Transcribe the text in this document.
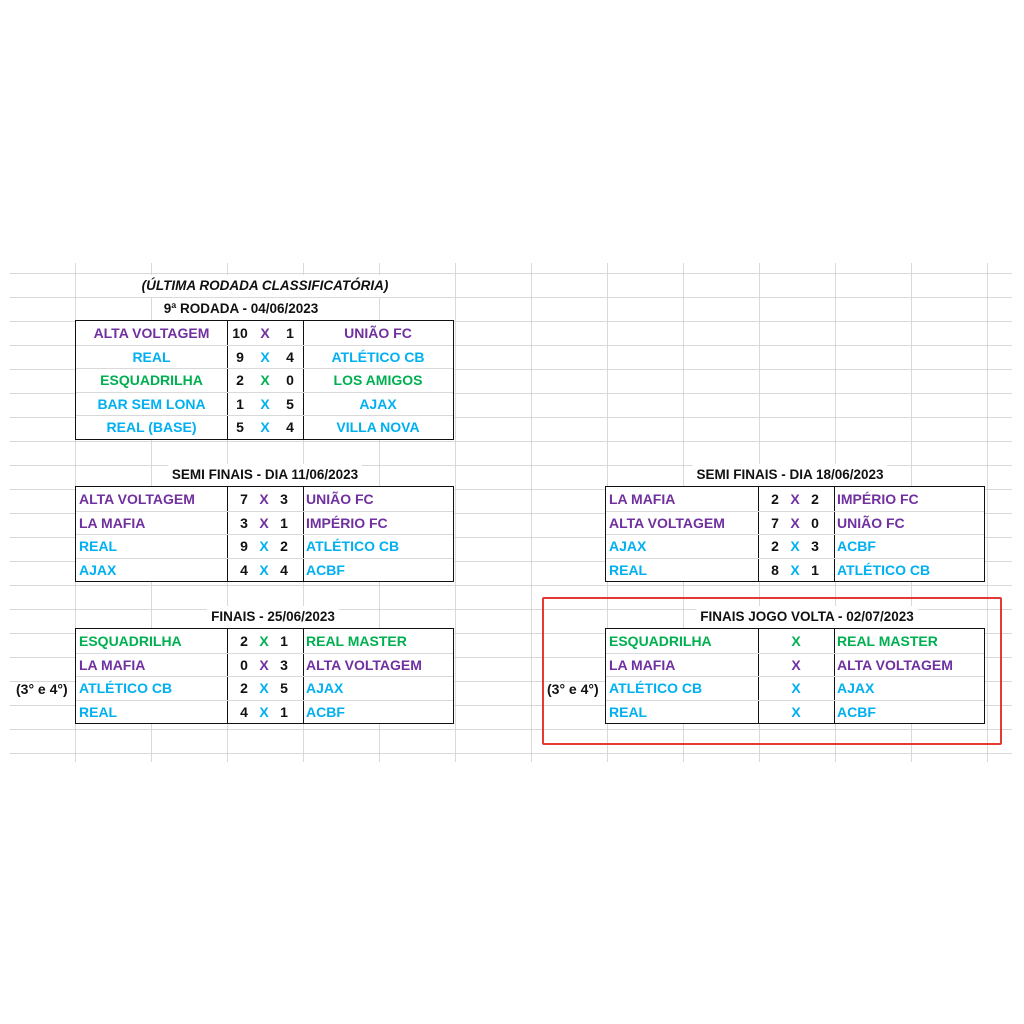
(ÚLTIMA RODADA CLASSIFICATÓRIA)
9ª RODADA - 04/06/2023
ALTA VOLTAGEM	10 X	1	UNIÃO FC
REAL	9	X	4	ATLÉTICO CB
ESQUADRILHA	2	X	0	LOS AMIGOS
BAR SEM LONA	1	X	5	AJAX
REAL (BASE)	5	X	4	VILLA NOVA
SEMI FINAIS - DIA 11/06/2023
ALTA VOLTAGEM	7 X 3	UNIÃO FC
LA MAFIA	3 X 1	IMPÉRIO FC
REAL	9 X 2	ATLÉTICO CB
AJAX	4 X 4	ACBF
SEMI FINAIS - DIA 18/06/2023
LA MAFIA	2 X 2	IMPÉRIO FC
ALTA VOLTAGEM	7 X 0	UNIÃO FC
AJAX	2 X 3	ACBF
REAL	8 X 1	ATLÉTICO CB
FINAIS - 25/06/2023
ESQUADRILHA	2 X 1	REAL MASTER
LA MAFIA	0 X 3	ALTA VOLTAGEM
ATLÉTICO CB	2 X 5	AJAX
REAL	4 X 1	ACBF
(3° e 4°)
FINAIS JOGO VOLTA - 02/07/2023
ESQUADRILHA	X	REAL MASTER
LA MAFIA	X	ALTA VOLTAGEM
ATLÉTICO CB	X	AJAX
REAL	X	ACBF
(3° e 4°)
